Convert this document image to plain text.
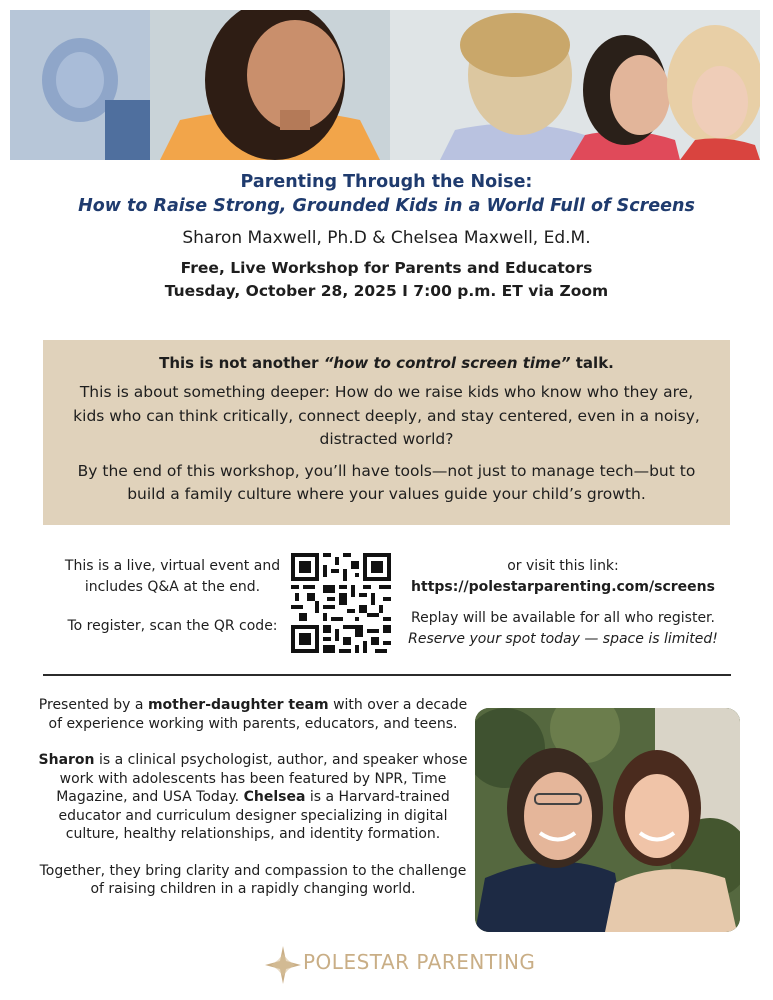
Parenting Through the Noise:
How to Raise Strong, Grounded Kids in a World Full of Screens
Sharon Maxwell, Ph.D & Chelsea Maxwell, Ed.M.
Free, Live Workshop for Parents and Educators
Tuesday, October 28, 2025 I 7:00 p.m. ET via Zoom
This is not another “how to control screen time” talk.

This is about something deeper: How do we raise kids who know who they are, kids who can think critically, connect deeply, and stay centered, even in a noisy, distracted world?

By the end of this workshop, you’ll have tools—not just to manage tech—but to build a family culture where your values guide your child’s growth.

This is a live, virtual event and includes Q&A at the end.
To register, scan the QR code:
or visit this link:
https://polestarparenting.com/screens
Replay will be available for all who register.
Reserve your spot today — space is limited!
Presented by a mother-daughter team with over a decade of experience working with parents, educators, and teens.
Sharon is a clinical psychologist, author, and speaker whose work with adolescents has been featured by NPR, Time Magazine, and USA Today. Chelsea is a Harvard-trained educator and curriculum designer specializing in digital culture, healthy relationships, and identity formation.
Together, they bring clarity and compassion to the challenge of raising children in a rapidly changing world.
POLESTAR PARENTING
